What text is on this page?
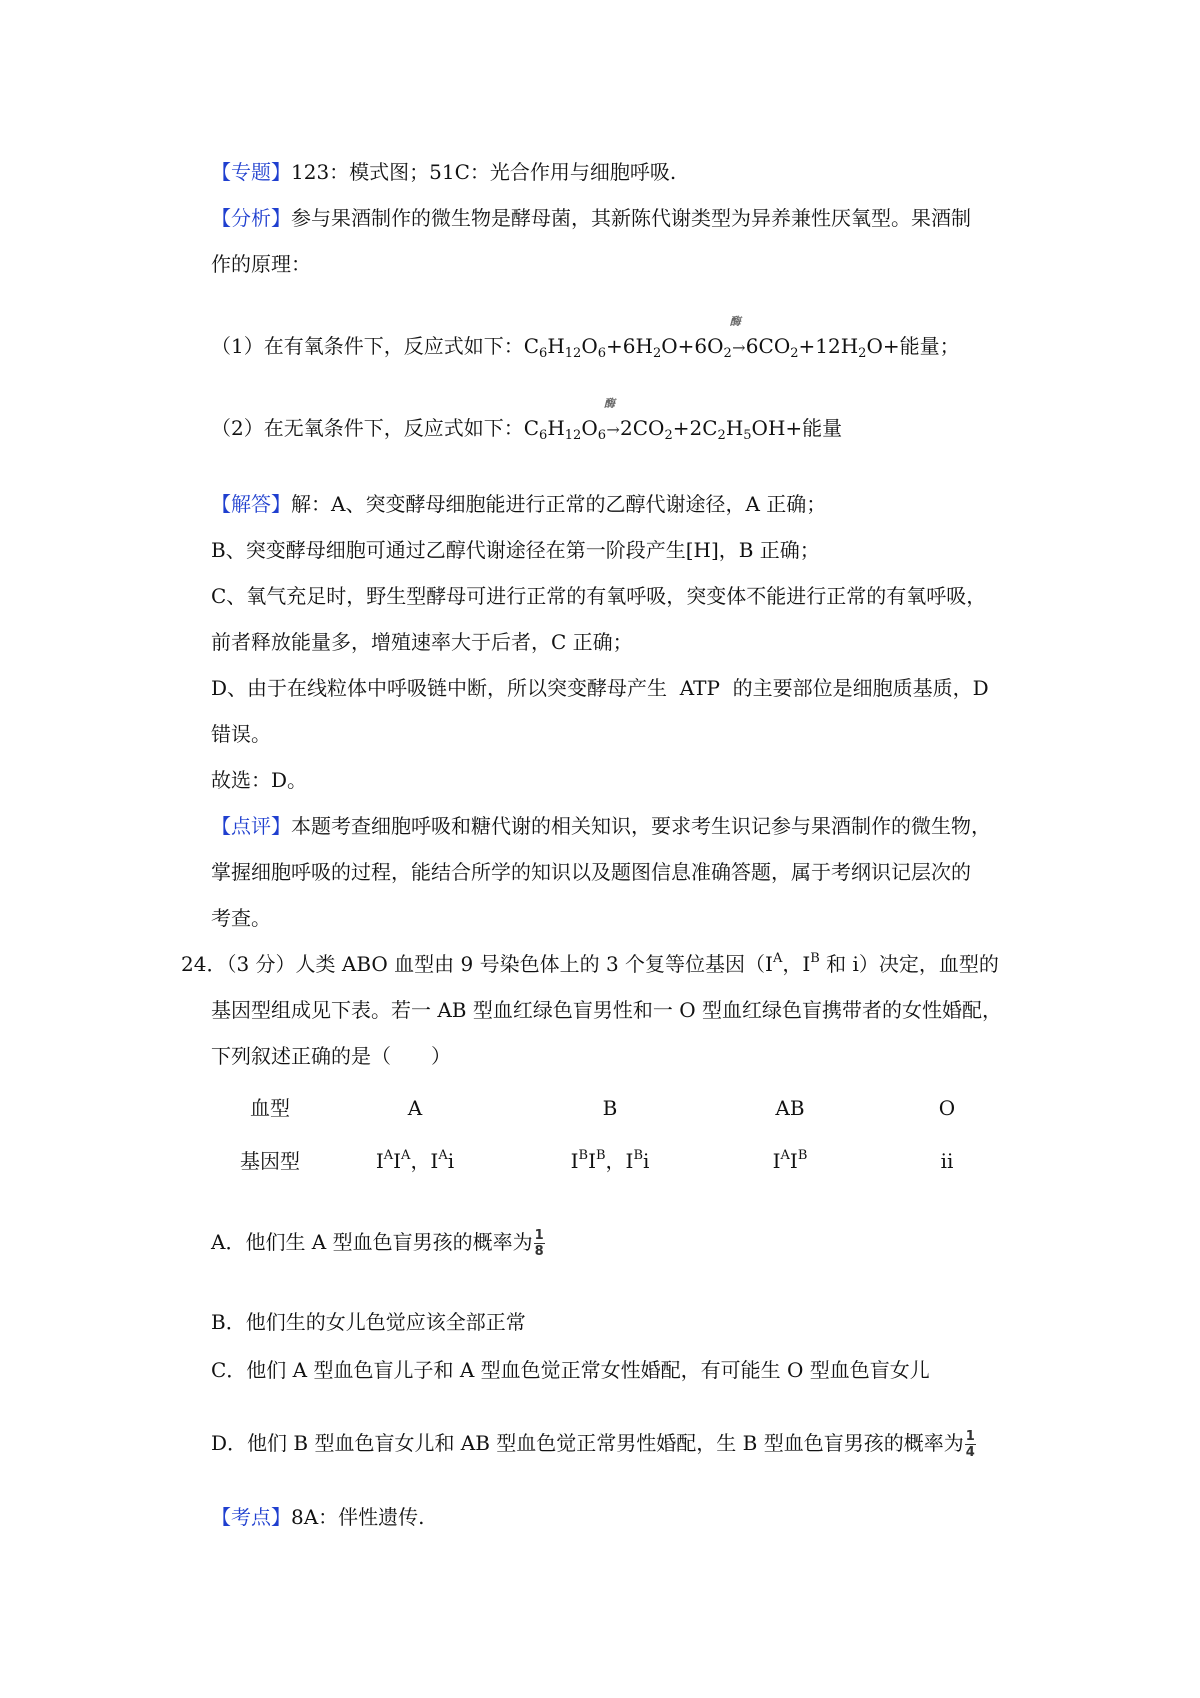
【专题】123：模式图；51C：光合作用与细胞呼吸.
【分析】参与果酒制作的微生物是酵母菌，其新陈代谢类型为异养兼性厌氧型。果酒制
作的原理：
（1）在有氧条件下，反应式如下：$C_6H_{12}O_6+6H_2O+6O_2$
酶
$\to 6CO_2+12H_2O+$能量；
（2）在无氧条件下，反应式如下：$C_6H_{12}O_6$
酶
$\to 2CO_2+2C_2H_5OH+$能量
【解答】解：A、突变酵母细胞能进行正常的乙醇代谢途径，A 正确；
B、突变酵母细胞可通过乙醇代谢途径在第一阶段产生[H]，B 正确；
C、氧气充足时，野生型酵母可进行正常的有氧呼吸，突变体不能进行正常的有氧呼吸，
前者释放能量多，增殖速率大于后者，C 正确；
D、由于在线粒体中呼吸链中断，所以突变酵母产生  ATP  的主要部位是细胞质基质，D
错误。
故选：D。
【点评】本题考查细胞呼吸和糖代谢的相关知识，要求考生识记参与果酒制作的微生物，
掌握细胞呼吸的过程，能结合所学的知识以及题图信息准确答题，属于考纲识记层次的
考查。
24．（3 分）人类 ABO 血型由 9 号染色体上的 3 个复等位基因（$I^A$，$I^B$ 和 i）决定，血型的
基因型组成见下表。若一 AB 型血红绿色盲男性和一 O 型血红绿色盲携带者的女性婚配，
下列叙述正确的是（　　）
血型	A	B	AB	O
基因型	$I^AI^A$，$I^Ai$	$I^BI^B$，$I^Bi$	$I^AI^B$	ii
A．他们生 A 型血色盲男孩的概率为 $\frac{1}{8}$
B．他们生的女儿色觉应该全部正常
C．他们 A 型血色盲儿子和 A 型血色觉正常女性婚配，有可能生 O 型血色盲女儿
D．他们 B 型血色盲女儿和 AB 型血色觉正常男性婚配，生 B 型血色盲男孩的概率为 $\frac{1}{4}$
【考点】8A：伴性遗传.
